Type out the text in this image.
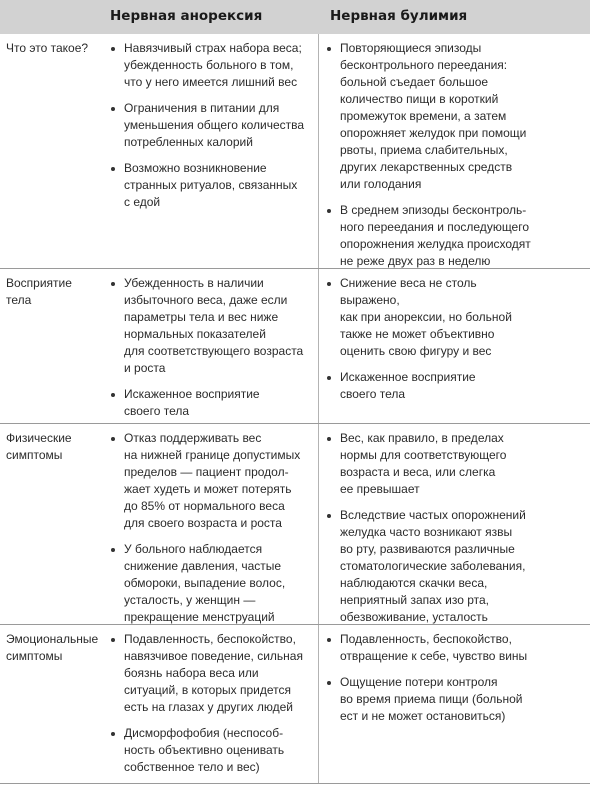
Нервная анорексия	Нервная булимия
Что это такое?	Навязчивый страх набора веса;
убежденность больного в том,
что у него имеется лишний вес
Ограничения в питании для
уменьшения общего количества
потребленных калорий
Возможно возникновение
странных ритуалов, связанных
с едой
Повторяющиеся эпизоды
бесконтрольного переедания:
больной съедает большое
количество пищи в короткий
промежуток времени, а затем
опорожняет желудок при помощи
рвоты, приема слабительных,
других лекарственных средств
или голодания
В среднем эпизоды бесконтроль-
ного переедания и последующего
опорожнения желудка происходят
не реже двух раз в неделю
Восприятие
тела
Убежденность в наличии
избыточного веса, даже если
параметры тела и вес ниже
нормальных показателей
для соответствующего возраста
и роста
Искаженное восприятие
своего тела
Снижение веса не столь выражено,
как при анорексии, но больной
также не может объективно
оценить свою фигуру и вес
Искаженное восприятие
своего тела
Физические
симптомы
Отказ поддерживать вес
на нижней границе допустимых
пределов — пациент продол-
жает худеть и может потерять
до 85% от нормального веса
для своего возраста и роста
У больного наблюдается
снижение давления, частые
обмороки, выпадение волос,
усталость, у женщин —
прекращение менструаций
Вес, как правило, в пределах
нормы для соответствующего
возраста и веса, или слегка
ее превышает
Вследствие частых опорожнений
желудка часто возникают язвы
во рту, развиваются различные
стоматологические заболевания,
наблюдаются скачки веса,
неприятный запах изо рта,
обезвоживание, усталость
Эмоциональные
симптомы
Подавленность, беспокойство,
навязчивое поведение, сильная
боязнь набора веса или
ситуаций, в которых придется
есть на глазах у других людей
Дисморфофобия (неспособ-
ность объективно оценивать
собственное тело и вес)
Подавленность, беспокойство,
отвращение к себе, чувство вины
Ощущение потери контроля
во время приема пищи (больной
ест и не может остановиться)
